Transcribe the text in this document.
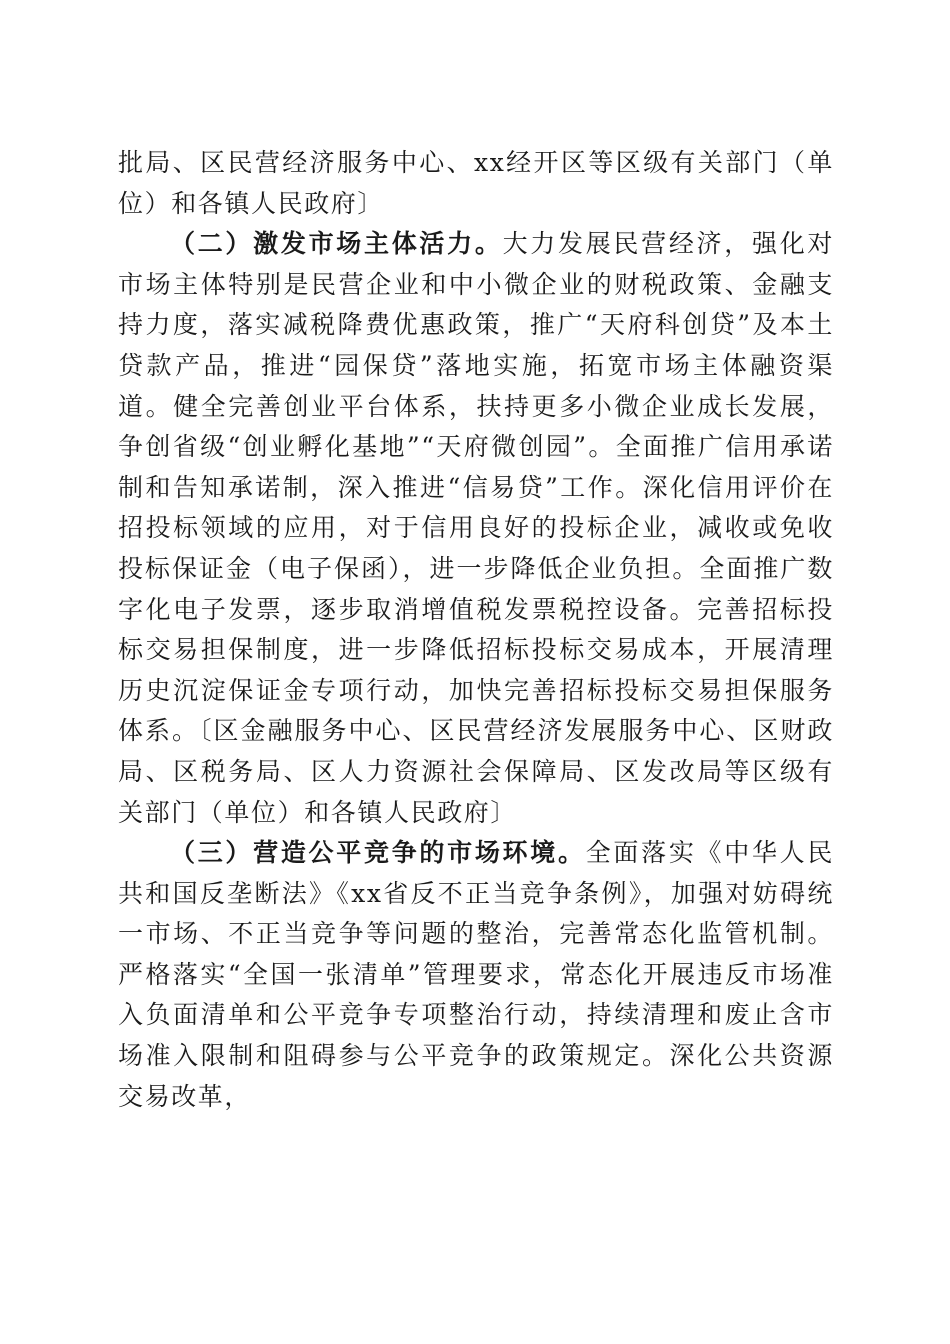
批局、区民营经济服务中心、xx经开区等区级有关部门（单位）和各镇人民政府〕

（二）激发市场主体活力。大力发展民营经济，强化对市场主体特别是民营企业和中小微企业的财税政策、金融支持力度，落实减税降费优惠政策，推广“天府科创贷”及本土贷款产品，推进“园保贷”落地实施，拓宽市场主体融资渠道。健全完善创业平台体系，扶持更多小微企业成长发展，争创省级“创业孵化基地”“天府微创园”。全面推广信用承诺制和告知承诺制，深入推进“信易贷”工作。深化信用评价在招投标领域的应用，对于信用良好的投标企业，减收或免收投标保证金（电子保函），进一步降低企业负担。全面推广数字化电子发票，逐步取消增值税发票税控设备。完善招标投标交易担保制度，进一步降低招标投标交易成本，开展清理历史沉淀保证金专项行动，加快完善招标投标交易担保服务体系。〔区金融服务中心、区民营经济发展服务中心、区财政局、区税务局、区人力资源社会保障局、区发改局等区级有关部门（单位）和各镇人民政府〕

（三）营造公平竞争的市场环境。全面落实《中华人民共和国反垄断法》《xx省反不正当竞争条例》，加强对妨碍统一市场、不正当竞争等问题的整治，完善常态化监管机制。严格落实“全国一张清单”管理要求，常态化开展违反市场准入负面清单和公平竞争专项整治行动，持续清理和废止含市场准入限制和阻碍参与公平竞争的政策规定。深化公共资源交易改革，
